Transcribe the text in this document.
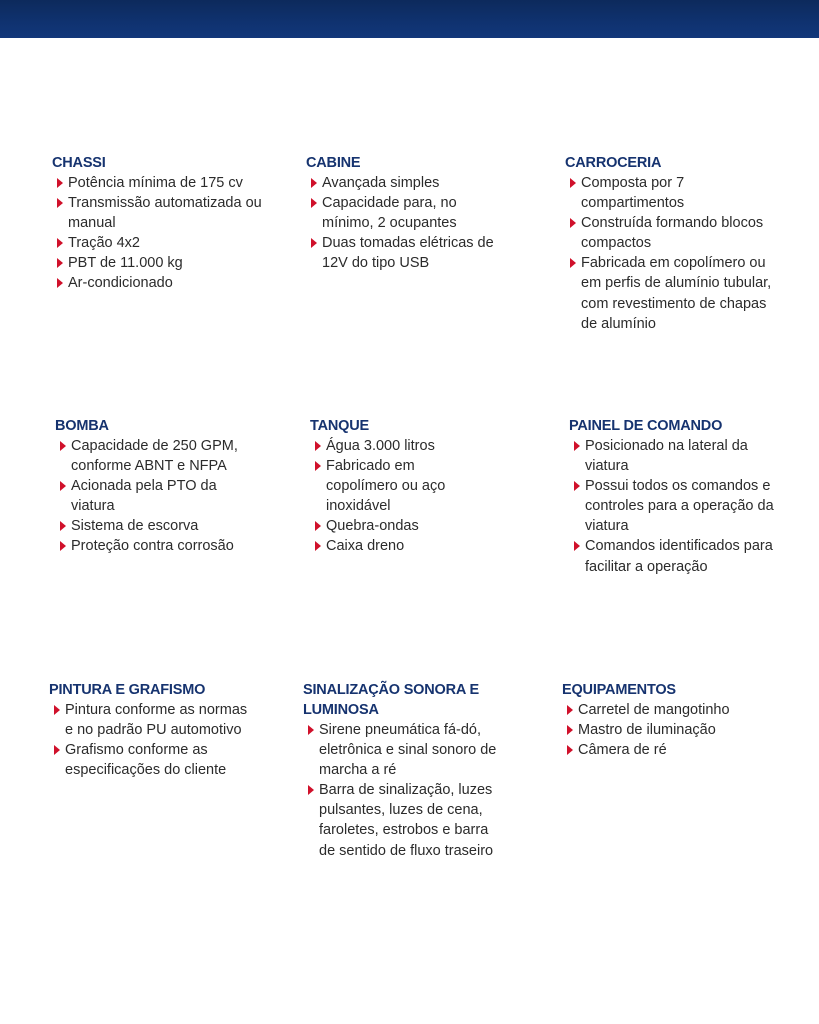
CHASSI
Potência mínima de 175 cv
Transmissão automatizada ou manual
Tração 4x2
PBT de 11.000 kg
Ar-condicionado
CABINE
Avançada simples
Capacidade para, no mínimo, 2 ocupantes
Duas tomadas elétricas de 12V do tipo USB
CARROCERIA
Composta por 7 compartimentos
Construída formando blocos compactos
Fabricada em copolímero ou em perfis de alumínio tubular, com revestimento de chapas de alumínio
BOMBA
Capacidade de 250 GPM, conforme ABNT e NFPA
Acionada pela PTO da viatura
Sistema de escorva
Proteção contra corrosão
TANQUE
Água 3.000 litros
Fabricado em copolímero ou aço inoxidável
Quebra-ondas
Caixa dreno
PAINEL DE COMANDO
Posicionado na lateral da viatura
Possui todos os comandos e controles para a operação da viatura
Comandos identificados para facilitar a operação
PINTURA E GRAFISMO
Pintura conforme as normas e no padrão PU automotivo
Grafismo conforme as especificações do cliente
SINALIZAÇÃO SONORA E LUMINOSA
Sirene pneumática fá-dó, eletrônica e sinal sonoro de marcha a ré
Barra de sinalização, luzes pulsantes, luzes de cena, faroletes, estrobos e barra de sentido de fluxo traseiro
EQUIPAMENTOS
Carretel de mangotinho
Mastro de iluminação
Câmera de ré
